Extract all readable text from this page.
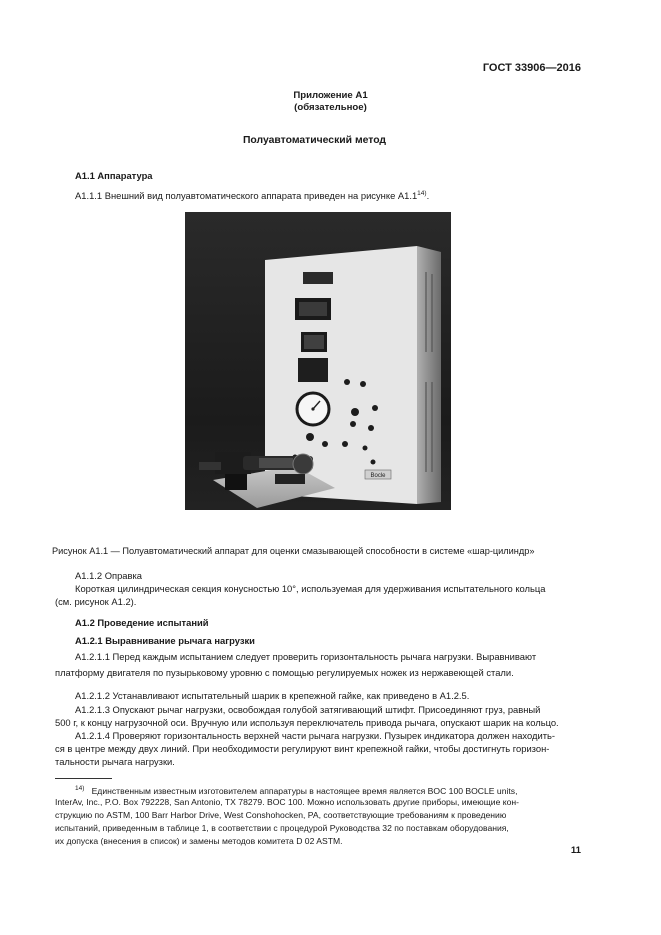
ГОСТ 33906—2016
Приложение А1
(обязательное)
Полуавтоматический метод
А1.1 Аппаратура
А1.1.1 Внешний вид полуавтоматического аппарата приведен на рисунке А1.1$^{14)}$.
Bocle
Рисунок А1.1 — Полуавтоматический аппарат для оценки смазывающей способности в системе «шар-цилиндр»
А1.1.2 Оправка
Короткая цилиндрическая секция конусностью 10°, используемая для удерживания испытательного кольца
(см. рисунок А1.2).
А1.2 Проведение испытаний
А1.2.1 Выравнивание рычага нагрузки
А1.2.1.1 Перед каждым испытанием следует проверить горизонтальность рычага нагрузки. Выравнивают
платформу двигателя по пузырьковому уровню с помощью регулируемых ножек из нержавеющей стали.
А1.2.1.2 Устанавливают испытательный шарик в крепежной гайке, как приведено в А1.2.5.
А1.2.1.3 Опускают рычаг нагрузки, освобождая голубой затягивающий штифт. Присоединяют груз, равный
500 г, к концу нагрузочной оси. Вручную или используя переключатель привода рычага, опускают шарик на кольцо.
А1.2.1.4 Проверяют горизонтальность верхней части рычага нагрузки. Пузырек индикатора должен находить-
ся в центре между двух линий. При необходимости регулируют винт крепежной гайки, чтобы достигнуть горизон-
тальности рычага нагрузки.
$^{14)}$ Единственным известным изготовителем аппаратуры в настоящее время является BOC 100 BOCLE units,
InterAv, Inc., P.O. Box 792228, San Antonio, TX 78279. BOC 100. Можно использовать другие приборы, имеющие кон-
струкцию по ASTM, 100 Barr Harbor Drive, West Conshohocken, PA, соответствующие требованиям к проведению
испытаний, приведенным в таблице 1, в соответствии с процедурой Руководства 32 по поставкам оборудования,
их допуска (внесения в список) и замены методов комитета D 02 ASTM.
11
